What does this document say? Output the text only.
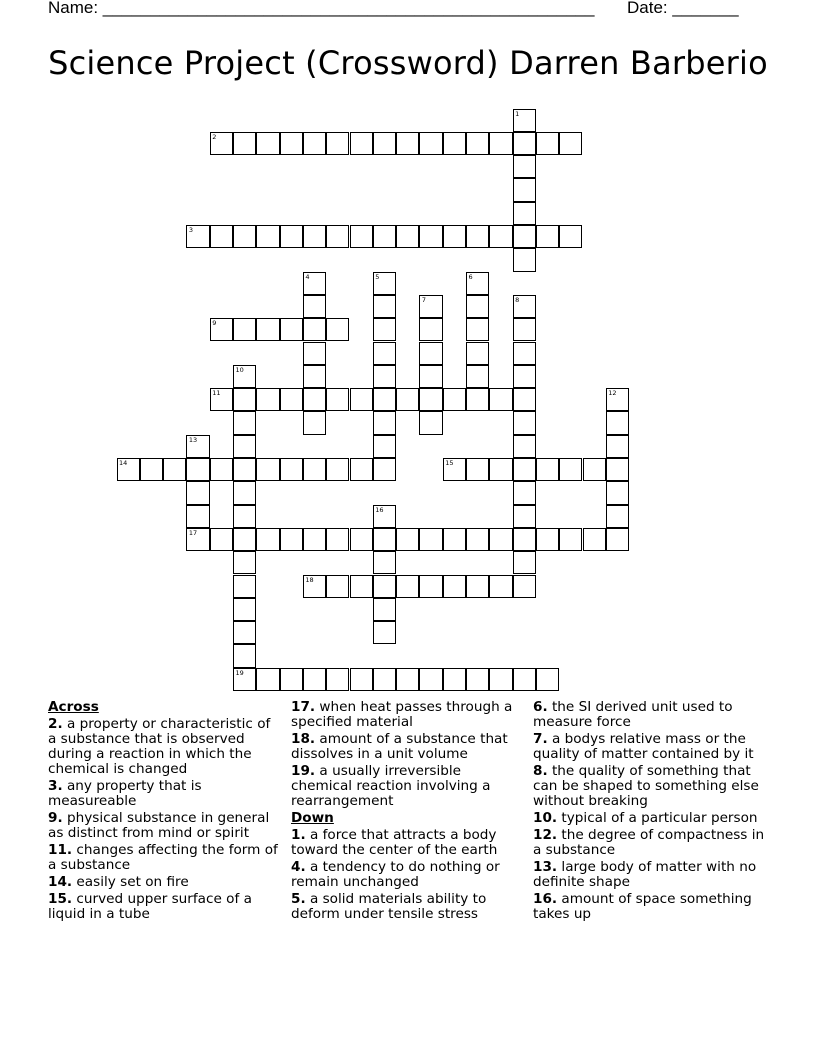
Name: ____________________________________________________ Date: _______
Science Project (Crossword) Darren Barberio
1
2
3
4	5	6
7	8
9
10
19
11	12
13
14	15
16
17
18
Across
2. a property or characteristic of a substance that is observed during a reaction in which the chemical is changed
3. any property that is measureable
9. physical substance in general as distinct from mind or spirit
11. changes affecting the form of a substance
14. easily set on fire
15. curved upper surface of a liquid in a tube
17. when heat passes through a specified material
18. amount of a substance that dissolves in a unit volume
19. a usually irreversible chemical reaction involving a rearrangement
Down
1. a force that attracts a body toward the center of the earth
4. a tendency to do nothing or remain unchanged
5. a solid materials ability to deform under tensile stress
6. the SI derived unit used to measure force
7. a bodys relative mass or the quality of matter contained by it
8. the quality of something that can be shaped to something else without breaking
10. typical of a particular person
12. the degree of compactness in a substance
13. large body of matter with no definite shape
16. amount of space something takes up
